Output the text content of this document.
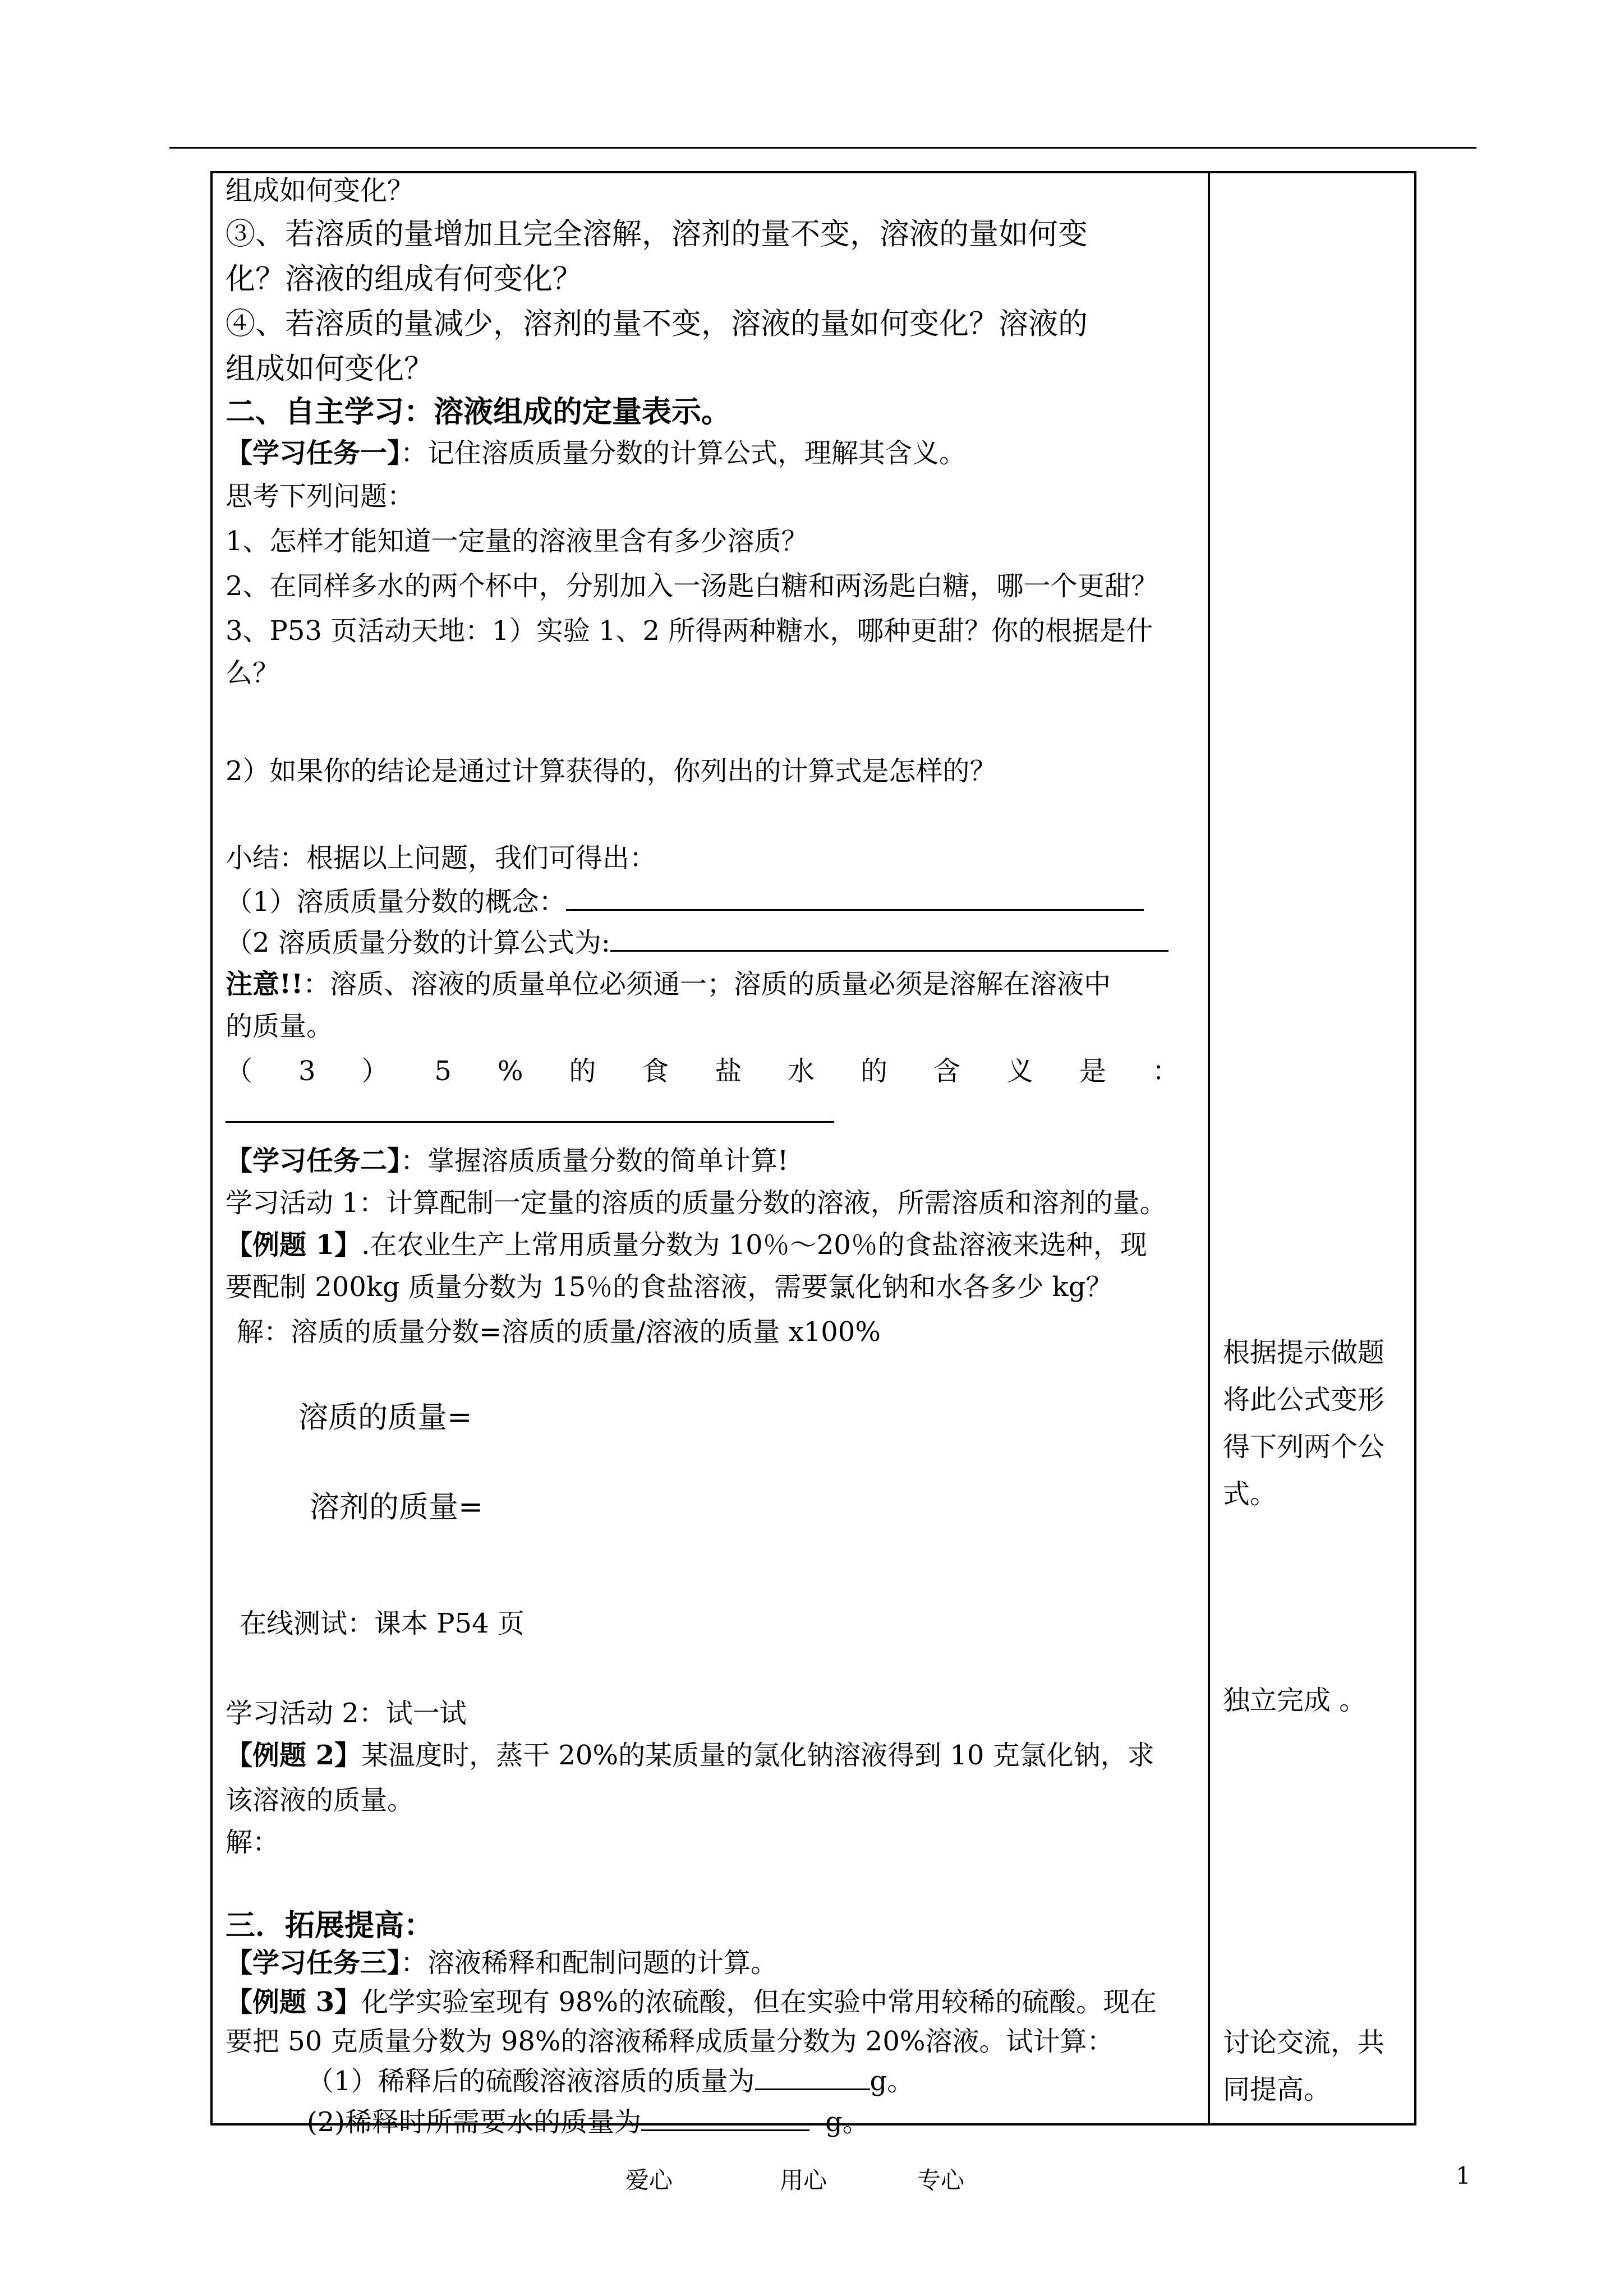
组成如何变化？
③、若溶质的量增加且完全溶解，溶剂的量不变，溶液的量如何变
化？溶液的组成有何变化？
④、若溶质的量减少，溶剂的量不变，溶液的量如何变化？溶液的
组成如何变化？
二、自主学习：溶液组成的定量表示。
【学习任务一】：记住溶质质量分数的计算公式，理解其含义。
思考下列问题：
1、怎样才能知道一定量的溶液里含有多少溶质？
2、在同样多水的两个杯中，分别加入一汤匙白糖和两汤匙白糖，哪一个更甜？
3、P53 页活动天地：1）实验 1、2 所得两种糖水，哪种更甜？你的根据是什
么？
2）如果你的结论是通过计算获得的，你列出的计算式是怎样的？
小结：根据以上问题，我们可得出：
（1）溶质质量分数的概念：
（2 溶质质量分数的计算公式为:
注意!!：溶质、溶液的质量单位必须通一；溶质的质量必须是溶解在溶液中
的质量。
（ 3 ） 5 % 的 食 盐 水 的 含 义 是 ：
【学习任务二】：掌握溶质质量分数的简单计算!
学习活动 1：计算配制一定量的溶质的质量分数的溶液，所需溶质和溶剂的量。
【例题 1】.在农业生产上常用质量分数为 10％～20％的食盐溶液来选种，现
要配制 200kg 质量分数为 15％的食盐溶液，需要氯化钠和水各多少 kg？
解：溶质的质量分数=溶质的质量/溶液的质量 x100%
溶质的质量=
溶剂的质量=
在线测试：课本 P54 页
学习活动 2：试一试
【例题 2】某温度时，蒸干 20%的某质量的氯化钠溶液得到 10 克氯化钠，求
该溶液的质量。
解：
三．拓展提高：
【学习任务三】：溶液稀释和配制问题的计算。
【例题 3】化学实验室现有 98%的浓硫酸，但在实验中常用较稀的硫酸。现在
要把 50 克质量分数为 98%的溶液稀释成质量分数为 20%溶液。试计算：
（1）稀释后的硫酸溶液溶质的质量为	g。
(2)稀释时所需要水的质量为	g。
根据提示做题
将此公式变形
得下列两个公
式。
独立完成 。
讨论交流，共
同提高。
爱心	用心	专心	1
